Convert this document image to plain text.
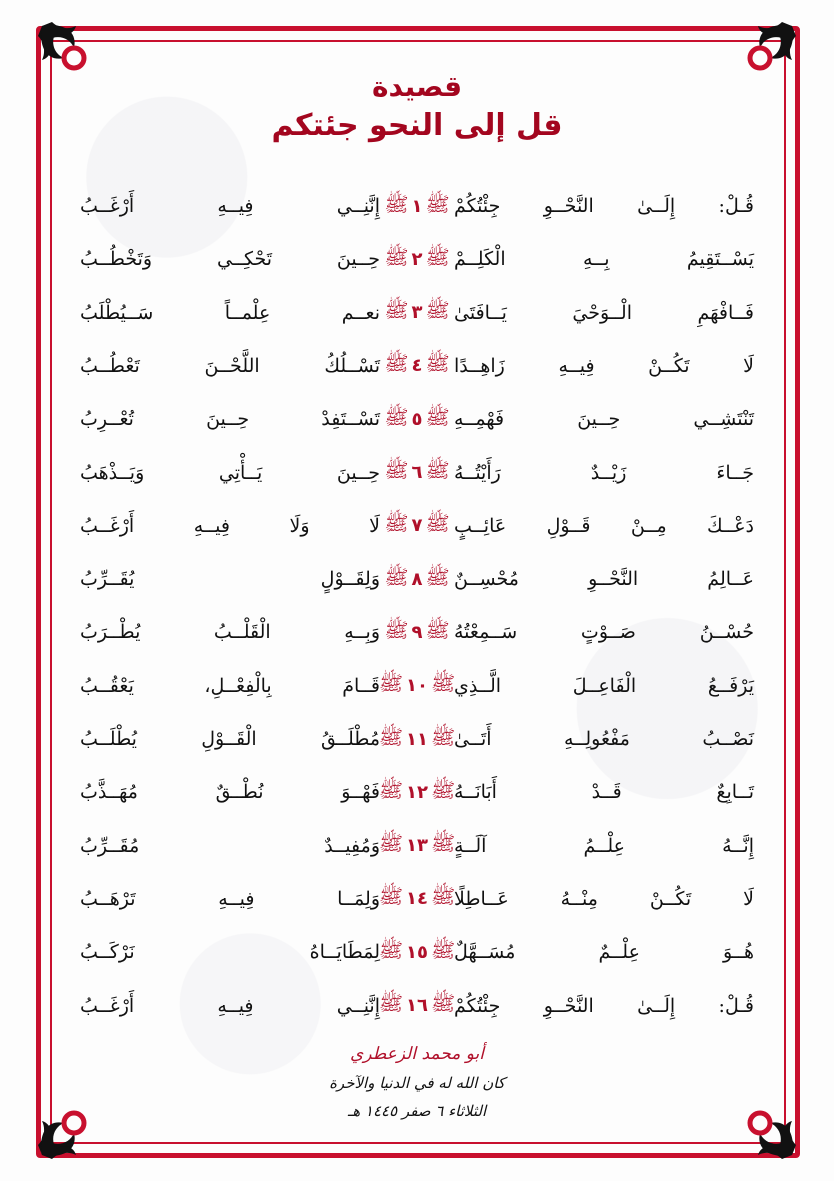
قصيدة
قل إلى النحو جئتكم
قُـلْ: إِلَــىٰ النَّحْــوِ جِئْتُكُمْ
ﷺ
١
ﷺ
إِنَّنِــي فِيــهِ أَرْغَــبُ
يَسْــتَقِيمُ بِــهِ الْكَلِــمْ
ﷺ
٢
ﷺ
حِــينَ تَحْكِــي وَتَخْطُــبُ
فَــافْهَمِ الْــوَحْيَ يَــافَتَىٰ
ﷺ
٣
ﷺ
نعــم عِلْمــاً سَــيُطْلَبُ
لَا تَكُــنْ فِيــهِ زَاهِــدًا
ﷺ
٤
ﷺ
تَسْــلُكُ اللَّحْــنَ تَعْطُــبُ
تَنْتَشِــي حِــينَ فَهْمِــهِ
ﷺ
٥
ﷺ
تَسْــتَفِدْ حِــينَ تُعْــرِبُ
جَــاءَ زَيْــدٌ رَأَيْتُــهُ
ﷺ
٦
ﷺ
حِــينَ يَــأْتِي وَيَــذْهَبُ
دَعْــكَ مِــنْ قَــوْلِ عَائِــبٍ
ﷺ
٧
ﷺ
لَا وَلَا فِيــهِ أَرْغَــبُ
عَــالِمُ النَّحْــوِ مُحْسِــنٌ
ﷺ
٨
ﷺ
وَلِقَــوْلٍ يُقَــرِّبُ
حُسْــنُ صَــوْتٍ سَــمِعْتُهُ
ﷺ
٩
ﷺ
وَبِــهِ الْقَلْــبُ يُطْــرَبُ
يَرْفَــعُ الْفَاعِــلَ الَّــذِي
ﷺ
١٠
ﷺ
قَــامَ بِالْفِعْــلِ، يَعْقُــبُ
نَصْــبُ مَفْعُولِــهِ أَتَــىٰ
ﷺ
١١
ﷺ
مُطْلَــقُ الْقَــوْلِ يُطْلَــبُ
تَــابِعٌ قَــدْ أَبَانَــهُ
ﷺ
١٢
ﷺ
فَهْــوَ نُطْــقٌ مُهَــذَّبُ
إِنَّــهُ عِلْــمُ آلَــةٍ
ﷺ
١٣
ﷺ
وَمُفِيــدٌ مُقَــرِّبُ
لَا تَكُــنْ مِنْــهُ عَــاطِلًا
ﷺ
١٤
ﷺ
وَلِمَــا فِيــهِ تَرْهَــبُ
هُــوَ عِلْــمٌ مُسَــهَّلٌ
ﷺ
١٥
ﷺ
لِمَطَايَــاهُ نَرْكَــبُ
قُـلْ: إِلَــىٰ النَّحْــوِ جِئْتُكُمْ
ﷺ
١٦
ﷺ
إِنَّنِــي فِيــهِ أَرْغَــبُ
أبو محمد الزعطري
كان الله له في الدنيا والآخرة
الثلاثاء ٦ صفر ١٤٤٥ هـ
